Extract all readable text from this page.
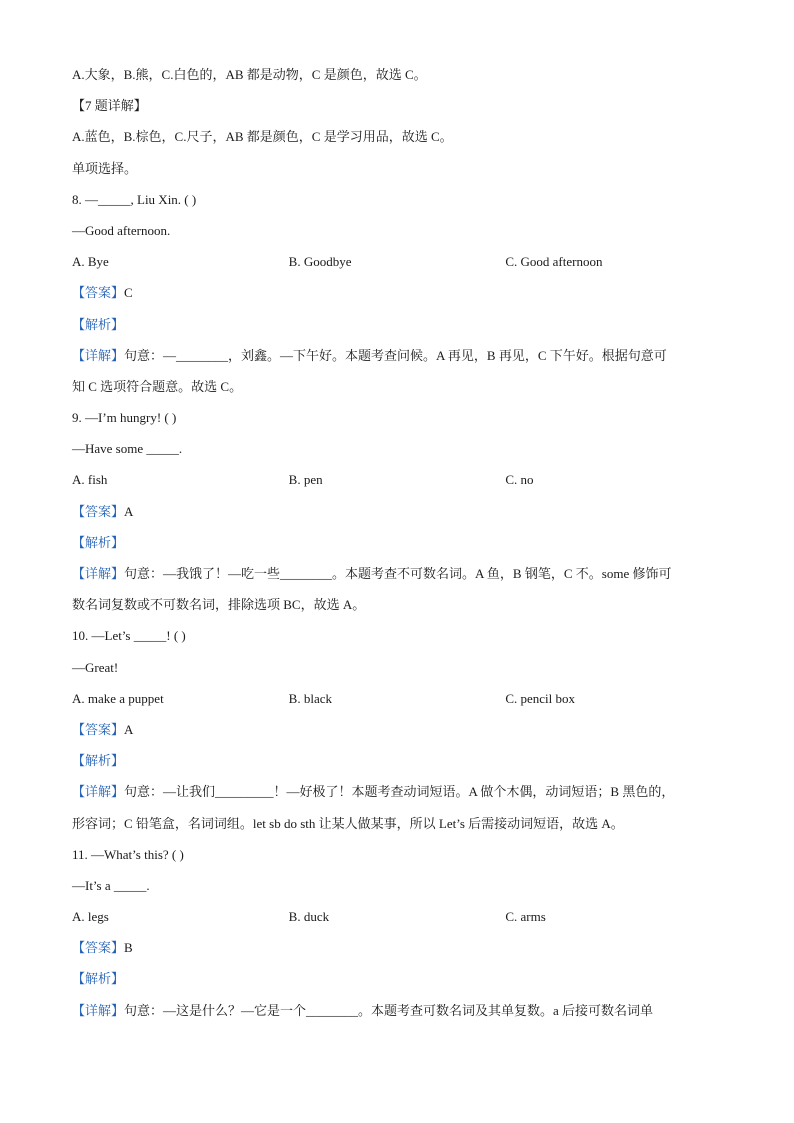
A.大象，B.熊，C.白色的，AB 都是动物，C 是颜色，故选 C。
【7 题详解】
A.蓝色，B.棕色，C.尺子，AB 都是颜色，C 是学习用品，故选 C。
单项选择。
8. —_____, Liu Xin. ( )
—Good afternoon.
A. Bye	B. Goodbye	C. Good afternoon
【答案】C
【解析】
【详解】句意：—________，刘鑫。—下午好。本题考查问候。A 再见，B 再见，C 下午好。根据句意可
知 C 选项符合题意。故选 C。
9. —I’m hungry! ( )
—Have some _____.
A. fish	B. pen	C. no
【答案】A
【解析】
【详解】句意：—我饿了！—吃一些________。本题考查不可数名词。A 鱼，B 钢笔，C 不。some 修饰可
数名词复数或不可数名词，排除选项 BC，故选 A。
10. —Let’s _____! ( )
—Great!
A. make a puppet	B. black	C. pencil box
【答案】A
【解析】
【详解】句意：—让我们_________！—好极了！本题考查动词短语。A 做个木偶，动词短语；B 黑色的，
形容词；C 铅笔盒，名词词组。let sb do sth 让某人做某事，所以 Let’s 后需接动词短语，故选 A。
11. —What’s this? ( )
—It’s a _____.
A. legs	B. duck	C. arms
【答案】B
【解析】
【详解】句意：—这是什么？—它是一个________。本题考查可数名词及其单复数。a 后接可数名词单
